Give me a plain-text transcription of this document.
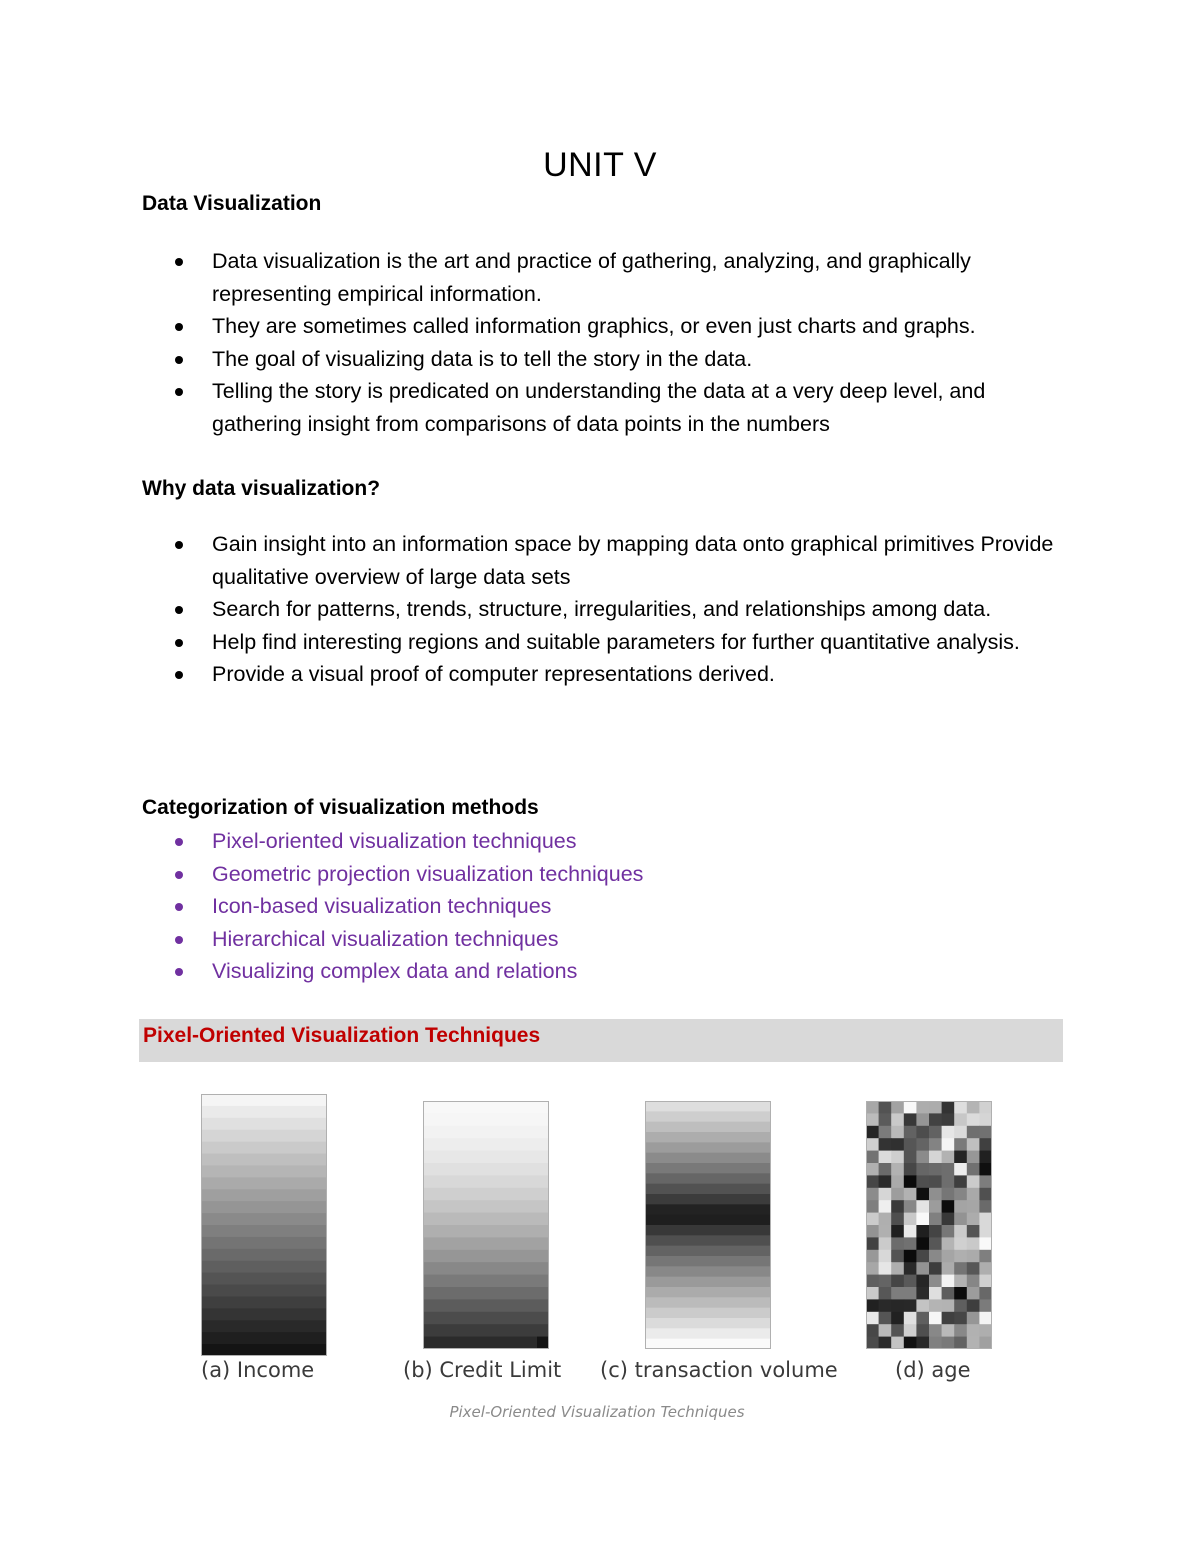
UNIT V
Data Visualization
Data visualization is the art and practice of gathering, analyzing, and graphically representing empirical information.
They are sometimes called information graphics, or even just charts and graphs.
The goal of visualizing data is to tell the story in the data.
Telling the story is predicated on understanding the data at a very deep level, and gathering insight from comparisons of data points in the numbers
Why data visualization?
Gain insight into an information space by mapping data onto graphical primitives Provide qualitative overview of large data sets
Search for patterns, trends, structure, irregularities, and relationships among data.
Help find interesting regions and suitable parameters for further quantitative analysis.
Provide a visual proof of computer representations derived.
Categorization of visualization methods
Pixel-oriented visualization techniques
Geometric projection visualization techniques
Icon-based visualization techniques
Hierarchical visualization techniques
Visualizing complex data and relations
Pixel-Oriented Visualization Techniques
(a) Income	(b) Credit Limit (c) transaction volume	(d) age
Pixel-Oriented Visualization Techniques
